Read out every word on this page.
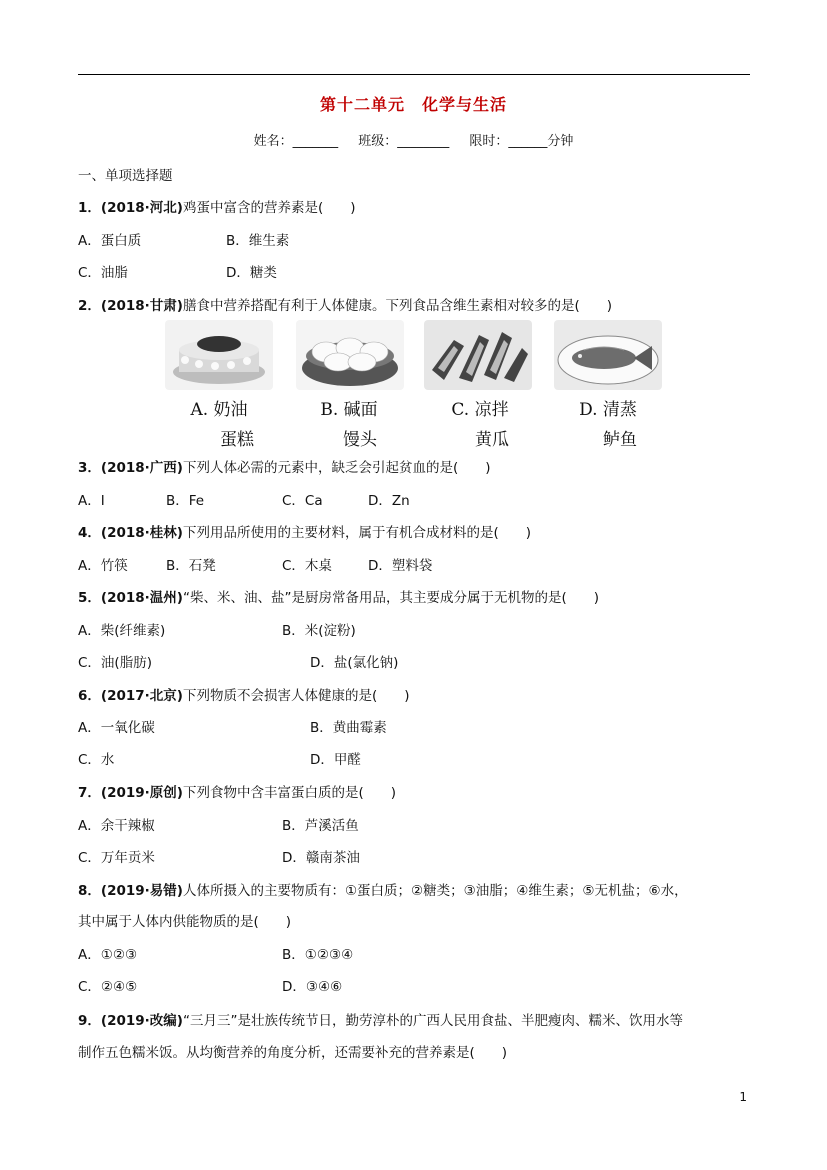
第十二单元　化学与生活
姓名：_______ 班级：________ 限时：______分钟
一、单项选择题
1．(2018·河北)鸡蛋中富含的营养素是(　　)
A．蛋白质	B．维生素
C．油脂	D．糖类
2．(2018·甘肃)膳食中营养搭配有利于人体健康。下列食品含维生素相对较多的是(　　)
A. 奶油
蛋糕
B. 碱面
馒头
C. 凉拌
黄瓜
D. 清蒸
鲈鱼
3．(2018·广西)下列人体必需的元素中，缺乏会引起贫血的是(　　)
A．I	B．Fe	C．Ca	D．Zn
4．(2018·桂林)下列用品所使用的主要材料，属于有机合成材料的是(　　)
A．竹筷	B．石凳	C．木桌	D．塑料袋
5．(2018·温州)“柴、米、油、盐”是厨房常备用品，其主要成分属于无机物的是(　　)
A．柴(纤维素)	B．米(淀粉)
C．油(脂肪)	D．盐(氯化钠)
6．(2017·北京)下列物质不会损害人体健康的是(　　)
A．一氧化碳	B．黄曲霉素
C．水	D．甲醛
7．(2019·原创)下列食物中含丰富蛋白质的是(　　)
A．余干辣椒	B．芦溪活鱼
C．万年贡米	D．赣南茶油
8．(2019·易错)人体所摄入的主要物质有：①蛋白质；②糖类；③油脂；④维生素；⑤无机盐；⑥水，
其中属于人体内供能物质的是(　　)
A．①②③	B．①②③④
C．②④⑤	D．③④⑥
9．(2019·改编)“三月三”是壮族传统节日，勤劳淳朴的广西人民用食盐、半肥瘦肉、糯米、饮用水等
制作五色糯米饭。从均衡营养的角度分析，还需要补充的营养素是(　　)
1
